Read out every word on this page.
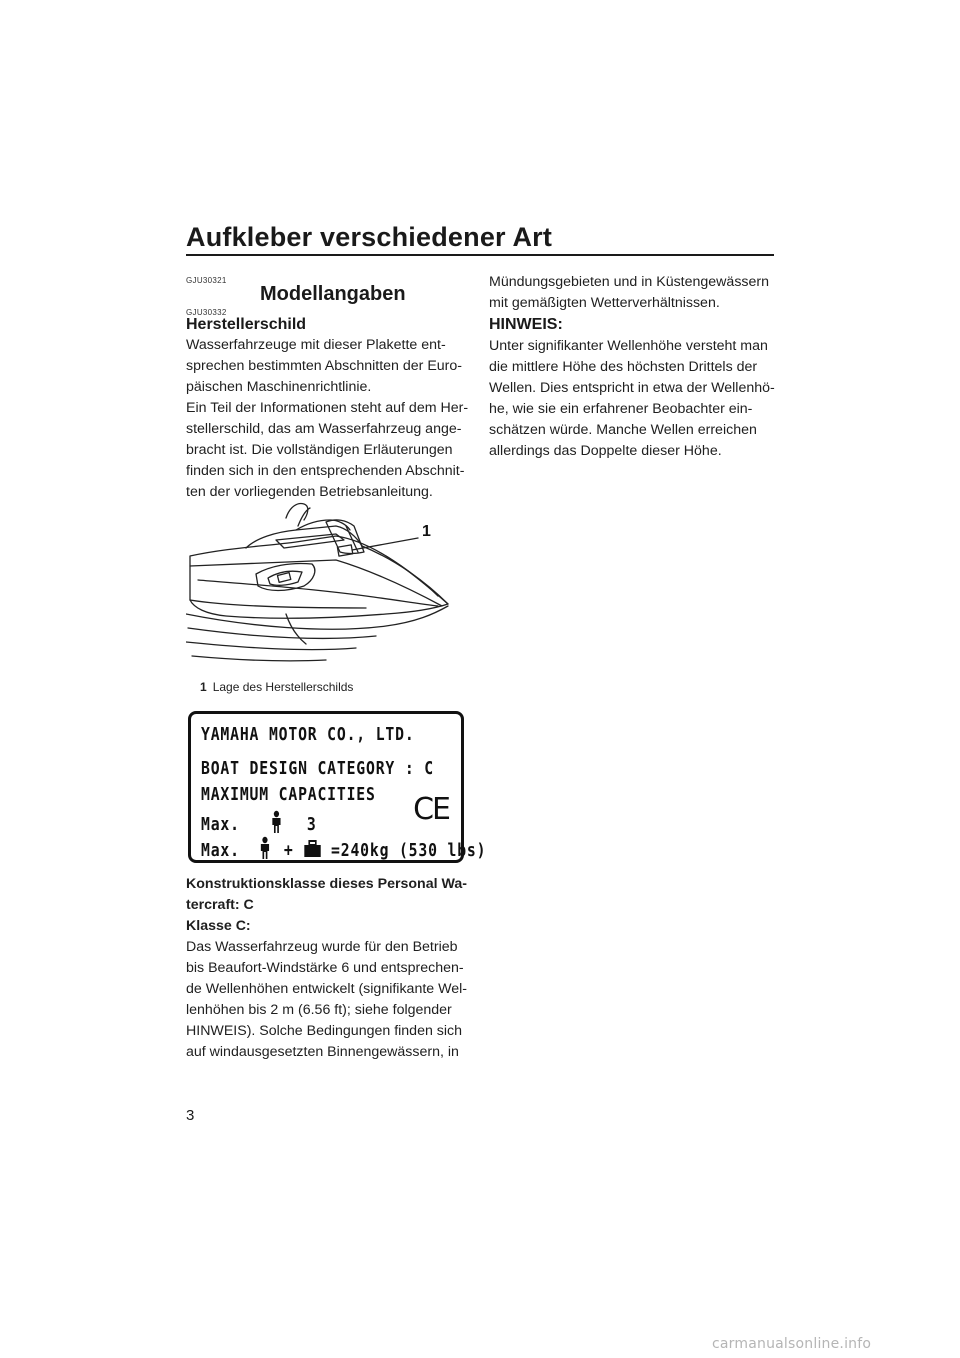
Aufkleber verschiedener Art
GJU30321
Modellangaben
GJU30332
Herstellerschild
Wasserfahrzeuge mit dieser Plakette ent-
sprechen bestimmten Abschnitten der Euro-
päischen Maschinenrichtlinie.
Ein Teil der Informationen steht auf dem Her-
stellerschild, das am Wasserfahrzeug ange-
bracht ist. Die vollständigen Erläuterungen
finden sich in den entsprechenden Abschnit-
ten der vorliegenden Betriebsanleitung.
1
1 Lage des Herstellerschilds
YAMAHA MOTOR CO., LTD.
BOAT DESIGN CATEGORY : C
MAXIMUM CAPACITIES
Max.	3
Max. + =240kg (530 lbs)
CE
Konstruktionsklasse dieses Personal Wa-
tercraft: C
Klasse C:
Das Wasserfahrzeug wurde für den Betrieb
bis Beaufort-Windstärke 6 und entsprechen-
de Wellenhöhen entwickelt (signifikante Wel-
lenhöhen bis 2 m (6.56 ft); siehe folgender
HINWEIS). Solche Bedingungen finden sich
auf windausgesetzten Binnengewässern, in
Mündungsgebieten und in Küstengewässern
mit gemäßigten Wetterverhältnissen.
HINWEIS:
Unter signifikanter Wellenhöhe versteht man
die mittlere Höhe des höchsten Drittels der
Wellen. Dies entspricht in etwa der Wellenhö-
he, wie sie ein erfahrener Beobachter ein-
schätzen würde. Manche Wellen erreichen
allerdings das Doppelte dieser Höhe.
3
carmanualsonline.info
